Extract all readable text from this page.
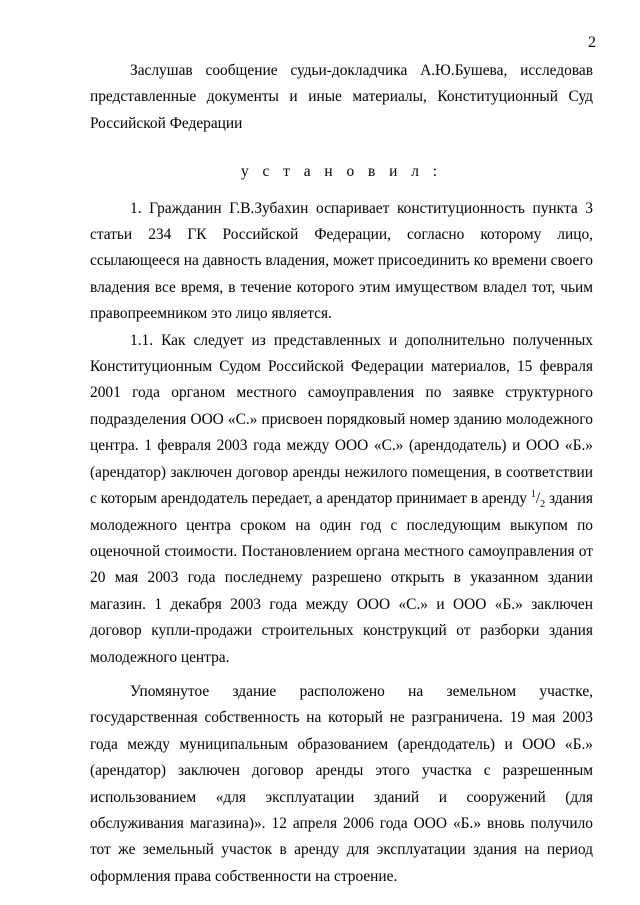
2

Заслушав сообщение судьи-докладчика А.Ю.Бушева, исследовав представленные документы и иные материалы, Конституционный Суд Российской Федерации

у с т а н о в и л :

1. Гражданин Г.В.Зубахин оспаривает конституционность пункта 3 статьи 234 ГК Российской Федерации, согласно которому лицо, ссылающееся на давность владения, может присоединить ко времени своего владения все время, в течение которого этим имуществом владел тот, чьим правопреемником это лицо является.

1.1. Как следует из представленных и дополнительно полученных Конституционным Судом Российской Федерации материалов, 15 февраля 2001 года органом местного самоуправления по заявке структурного подразделения ООО «С.» присвоен порядковый номер зданию молодежного центра. 1 февраля 2003 года между ООО «С.» (арендодатель) и ООО «Б.» (арендатор) заключен договор аренды нежилого помещения, в соответствии с которым арендодатель передает, а арендатор принимает в аренду $^1/_2$ здания молодежного центра сроком на один год с последующим выкупом по оценочной стоимости. Постановлением органа местного самоуправления от 20 мая 2003 года последнему разрешено открыть в указанном здании магазин. 1 декабря 2003 года между ООО «С.» и ООО «Б.» заключен договор купли-продажи строительных конструкций от разборки здания молодежного центра.

Упомянутое здание расположено на земельном участке, государственная собственность на который не разграничена. 19 мая 2003 года между муниципальным образованием (арендодатель) и ООО «Б.» (арендатор) заключен договор аренды этого участка с разрешенным использованием «для эксплуатации зданий и сооружений (для обслуживания магазина)». 12 апреля 2006 года ООО «Б.» вновь получило тот же земельный участок в аренду для эксплуатации здания на период оформления права собственности на строение.
